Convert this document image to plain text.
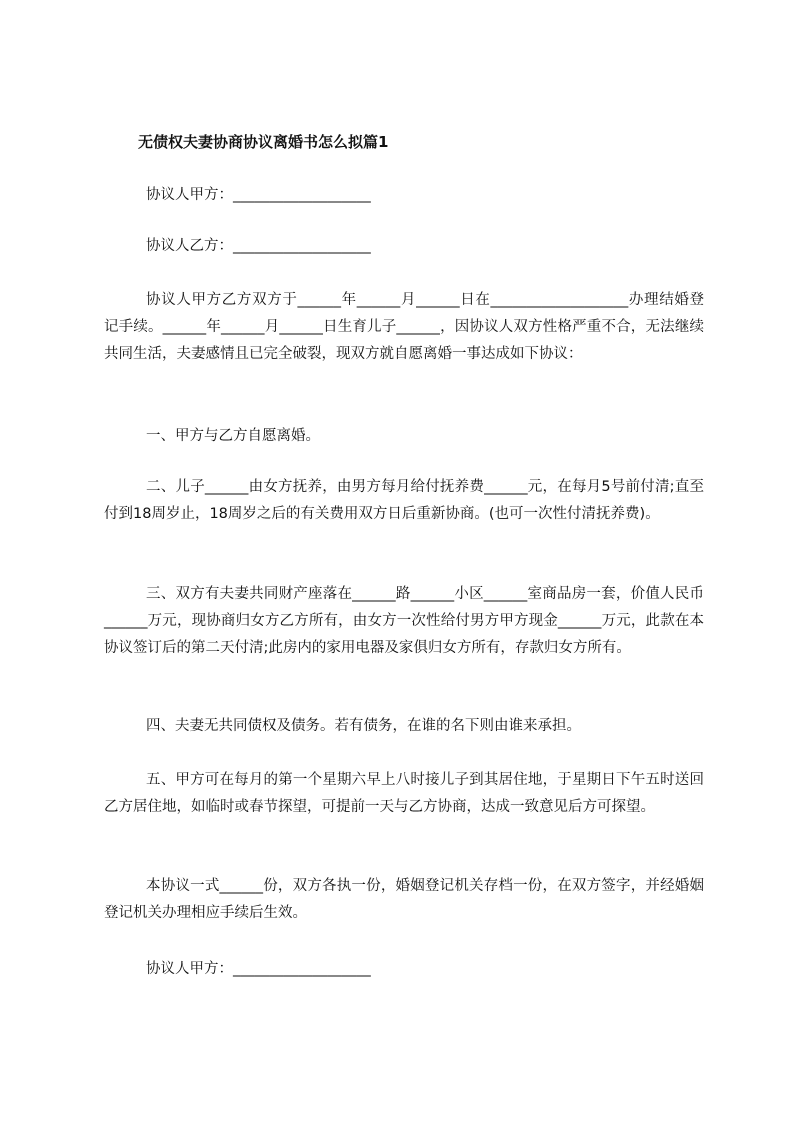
无债权夫妻协商协议离婚书怎么拟篇1

协议人甲方：___________________

协议人乙方：___________________

协议人甲方乙方双方于______年______月______日在___________________办理结婚登记手续。______年______月______日生育儿子______，因协议人双方性格严重不合，无法继续共同生活，夫妻感情且已完全破裂，现双方就自愿离婚一事达成如下协议：

一、甲方与乙方自愿离婚。

二、儿子______由女方抚养，由男方每月给付抚养费______元，在每月5号前付清;直至付到18周岁止，18周岁之后的有关费用双方日后重新协商。(也可一次性付清抚养费)。

三、双方有夫妻共同财产座落在______路______小区______室商品房一套，价值人民币______万元，现协商归女方乙方所有，由女方一次性给付男方甲方现金______万元，此款在本协议签订后的第二天付清;此房内的家用电器及家俱归女方所有，存款归女方所有。

四、夫妻无共同债权及债务。若有债务，在谁的名下则由谁来承担。

五、甲方可在每月的第一个星期六早上八时接儿子到其居住地，于星期日下午五时送回乙方居住地，如临时或春节探望，可提前一天与乙方协商，达成一致意见后方可探望。

本协议一式______份，双方各执一份，婚姻登记机关存档一份，在双方签字，并经婚姻登记机关办理相应手续后生效。

协议人甲方：___________________
